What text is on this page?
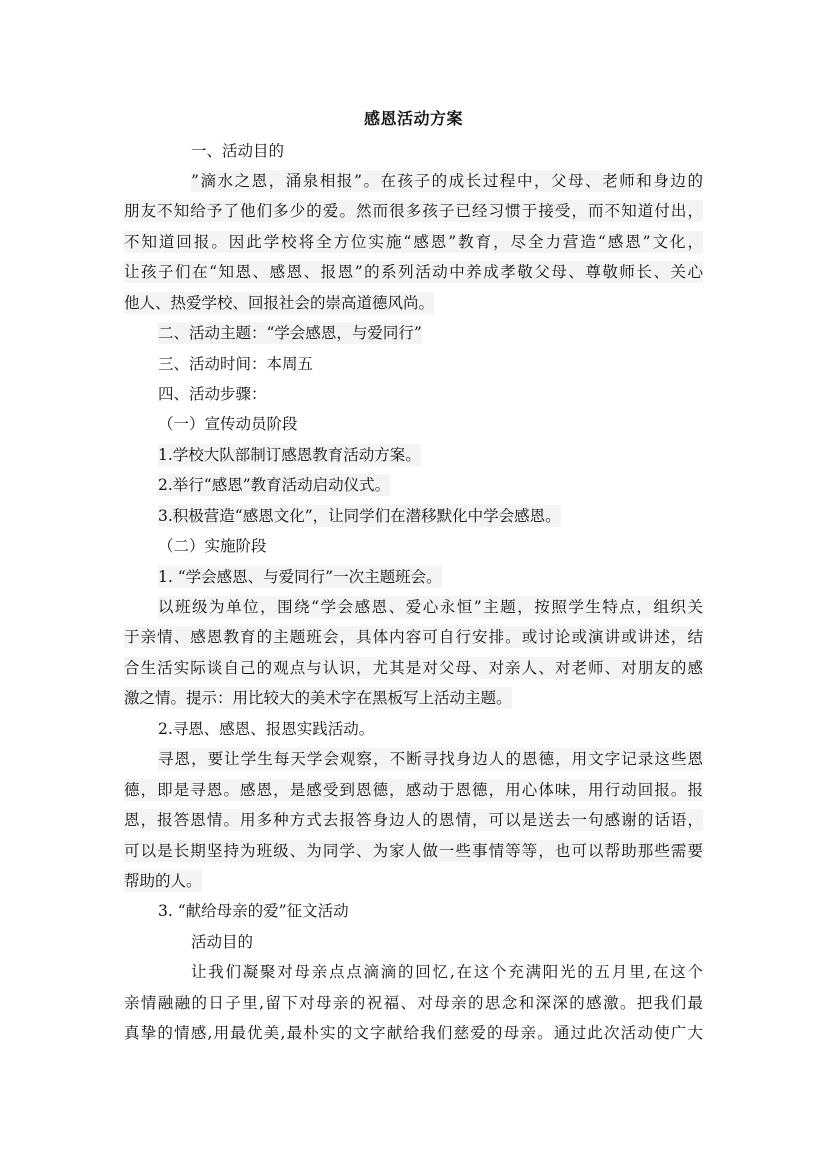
感恩活动方案
一、活动目的
”滴水之恩，涌泉相报”。在孩子的成长过程中，父母、老师和身边的
朋友不知给予了他们多少的爱。然而很多孩子已经习惯于接受，而不知道付出，
不知道回报。因此学校将全方位实施“感恩”教育，尽全力营造“感恩”文化，
让孩子们在“知恩、感恩、报恩”的系列活动中养成孝敬父母、尊敬师长、关心
他人、热爱学校、回报社会的崇高道德风尚。
二、活动主题：“学会感恩，与爱同行”
三、活动时间：本周五
四、活动步骤：
（一）宣传动员阶段
1.学校大队部制订感恩教育活动方案。
2.举行“感恩”教育活动启动仪式。
3.积极营造“感恩文化”，让同学们在潜移默化中学会感恩。
（二）实施阶段
1. “学会感恩、与爱同行”一次主题班会。
以班级为单位，围绕“学会感恩、爱心永恒”主题，按照学生特点，组织关
于亲情、感恩教育的主题班会，具体内容可自行安排。或讨论或演讲或讲述，结
合生活实际谈自己的观点与认识，尤其是对父母、对亲人、对老师、对朋友的感
激之情。提示：用比较大的美术字在黑板写上活动主题。
2.寻恩、感恩、报恩实践活动。
寻恩，要让学生每天学会观察，不断寻找身边人的恩德，用文字记录这些恩
德，即是寻恩。感恩，是感受到恩德，感动于恩德，用心体味，用行动回报。报
恩，报答恩情。用多种方式去报答身边人的恩情，可以是送去一句感谢的话语，
可以是长期坚持为班级、为同学、为家人做一些事情等等，也可以帮助那些需要
帮助的人。
3. “献给母亲的爱”征文活动
活动目的
让我们凝聚对母亲点点滴滴的回忆,在这个充满阳光的五月里,在这个
亲情融融的日子里,留下对母亲的祝福、对母亲的思念和深深的感激。把我们最
真挚的情感,用最优美,最朴实的文字献给我们慈爱的母亲。通过此次活动使广大
